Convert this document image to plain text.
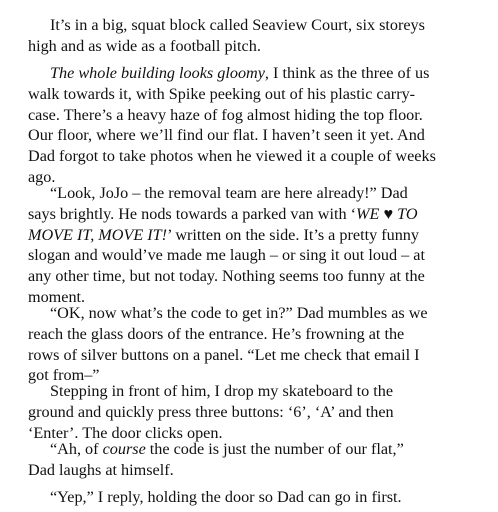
It’s in a big, squat block called Seaview Court, six storeys
high and as wide as a football pitch.

The whole building looks gloomy, I think as the three of us
walk towards it, with Spike peeking out of his plastic carry-
case. There’s a heavy haze of fog almost hiding the top floor.
Our floor, where we’ll find our flat. I haven’t seen it yet. And
Dad forgot to take photos when he viewed it a couple of weeks
ago.

“Look, JoJo – the removal team are here already!” Dad
says brightly. He nods towards a parked van with ‘WE ♥ TO
MOVE IT, MOVE IT!’ written on the side. It’s a pretty funny
slogan and would’ve made me laugh – or sing it out loud – at
any other time, but not today. Nothing seems too funny at the
moment.

“OK, now what’s the code to get in?” Dad mumbles as we
reach the glass doors of the entrance. He’s frowning at the
rows of silver buttons on a panel. “Let me check that email I
got from–”

Stepping in front of him, I drop my skateboard to the
ground and quickly press three buttons: ‘6’, ‘A’ and then
‘Enter’. The door clicks open.

“Ah, of course the code is just the number of our flat,”
Dad laughs at himself.

“Yep,” I reply, holding the door so Dad can go in first.
